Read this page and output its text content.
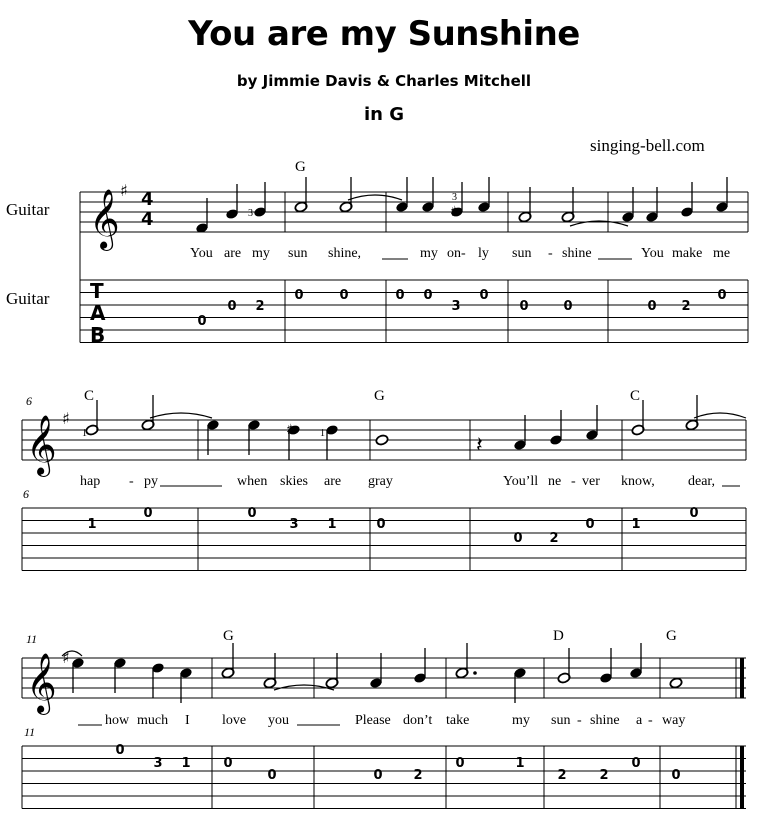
You are my Sunshine
by Jimmie Davis & Charles Mitchell
in G
singing-bell.com
Guitar
Guitar
6
6
11
11
G
C	G	C
G	D	G
You are my sun shine,	my on- ly sun - shine	You make me
hap - py	when skies are gray	You’ll ne - ver know, dear,
how much I love you	Please don’t take	my sun - shine a - way
♯
♯
𝄽
𝄞
𝄞
𝄞
♯
♯
♯
4
4
T
A
B
3
3
1	1
0
0 2
0	0	0 0
3
0
0	0	0 2
0
1
0	0
3 1	0
0 2
0	1
0
0
3 1	0
0	0 2
0	1
2	2
0
0
